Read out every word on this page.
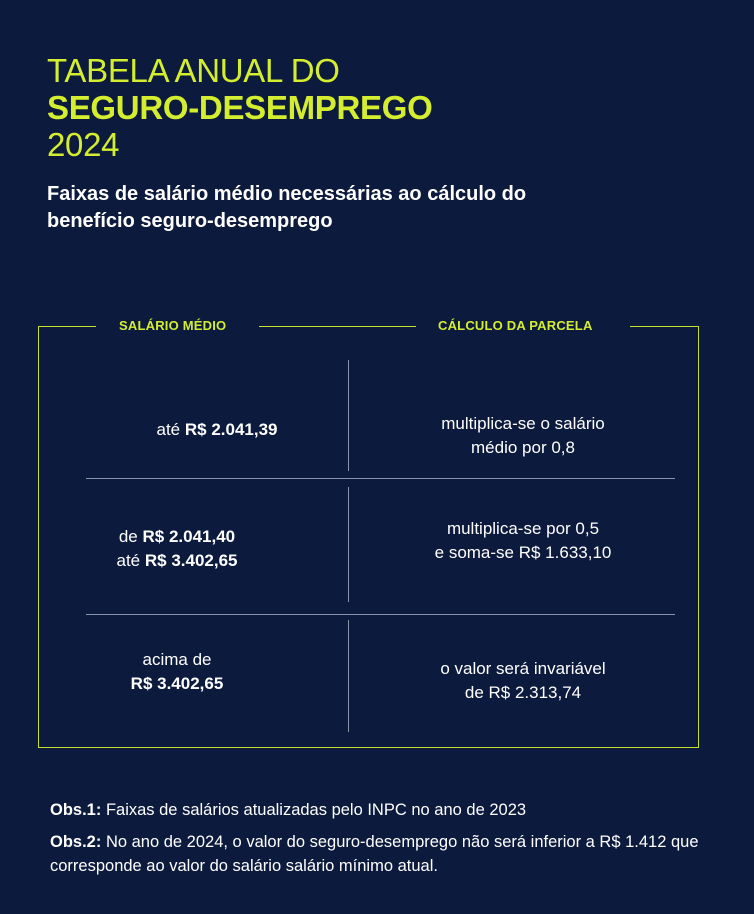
TABELA ANUAL DO
SEGURO-DESEMPREGO
2024
Faixas de salário médio necessárias ao cálculo do benefício seguro-desemprego
SALÁRIO MÉDIO	CÁLCULO DA PARCELA
até R$ 2.041,39	multiplica-se o salário
médio por 0,8
de R$ 2.041,40
até R$ 3.402,65
multiplica-se por 0,5
e soma-se R$ 1.633,10
acima de
R$ 3.402,65
o valor será invariável
de R$ 2.313,74
Obs.1: Faixas de salários atualizadas pelo INPC no ano de 2023
Obs.2: No ano de 2024, o valor do seguro-desemprego não será inferior a R$ 1.412 que corresponde ao valor do salário salário mínimo atual.
